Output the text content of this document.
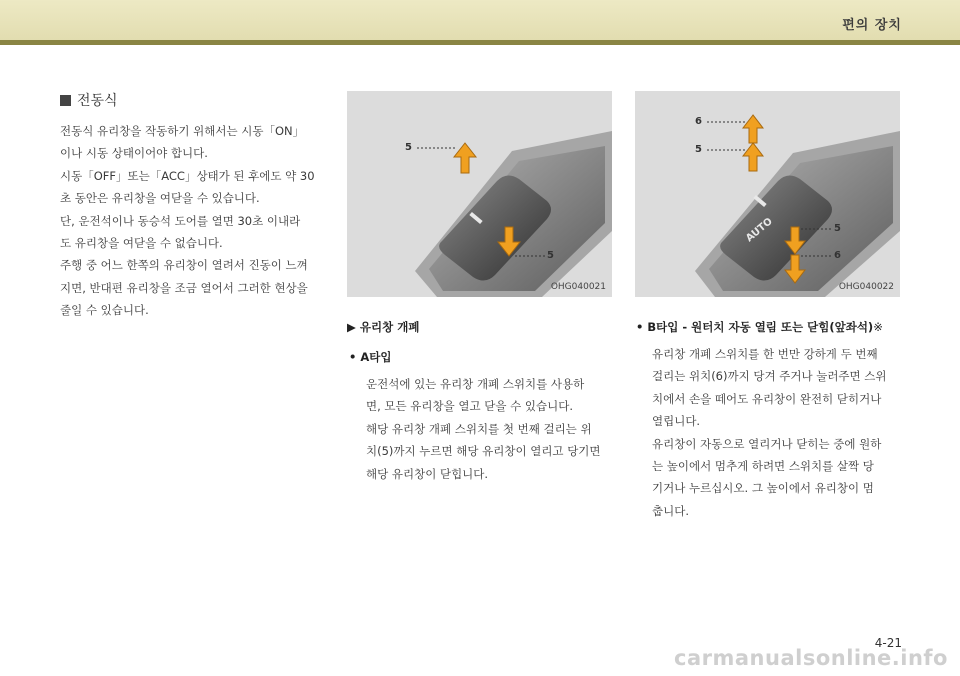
편의 장치
전동식

전동식 유리창을 작동하기 위해서는 시동「ON」
이나 시동 상태이어야 합니다.
시동「OFF」또는「ACC」상태가 된 후에도 약 30
초 동안은 유리창을 여닫을 수 있습니다.
단, 운전석이나 동승석 도어를 열면 30초 이내라
도 유리창을 여닫을 수 없습니다.
주행 중 어느 한쪽의 유리창이 열려서 진동이 느껴
지면, 반대편 유리창을 조금 열어서 그러한 현상을
줄일 수 있습니다.

5
5
OHG040021
AUTO
6
5
5
6
OHG040022
▶ 유리창 개폐
• A타입

운전석에 있는 유리창 개폐 스위치를 사용하
면, 모든 유리창을 열고 닫을 수 있습니다.
해당 유리창 개폐 스위치를 첫 번째 걸리는 위
치(5)까지 누르면 해당 유리창이 열리고 당기면
해당 유리창이 닫힙니다.

• B타입 - 원터치 자동 열림 또는 닫힘(앞좌석)※

유리창 개폐 스위치를 한 번만 강하게 두 번째
걸리는 위치(6)까지 당겨 주거나 눌러주면 스위
치에서 손을 떼어도 유리창이 완전히 닫히거나
열립니다.
유리창이 자동으로 열리거나 닫히는 중에 원하
는 높이에서 멈추게 하려면 스위치를 살짝 당
기거나 누르십시오. 그 높이에서 유리창이 멈
춥니다.

4-21
carmanualsonline.info
